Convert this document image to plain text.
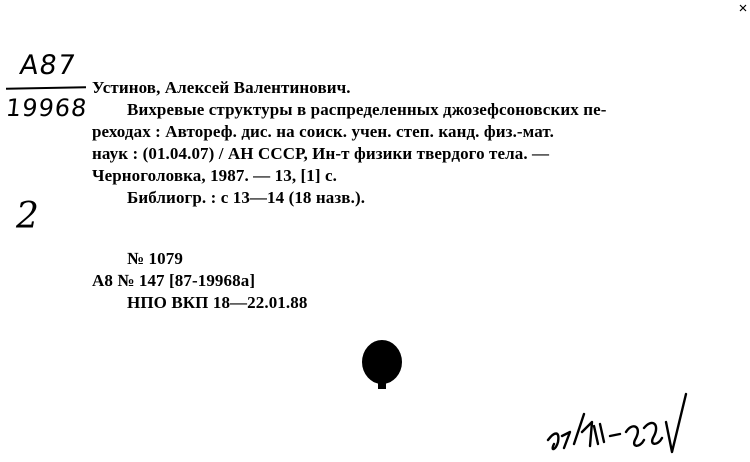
А87
19968
2
Устинов, Алексей Валентинович.
Вихревые структуры в распределенных джозефсоновских пе-
реходах : Автореф. дис. на соиск. учен. степ. канд. физ.-мат.
наук : (01.04.07) / АН СССР, Ин-т физики твердого тела. —
Черноголовка, 1987. — 13, [1] с.
Библиогр. : с 13—14 (18 назв.).
№ 1079
А8 № 147 [87-19968а]
НПО ВКП 18—22.01.88
